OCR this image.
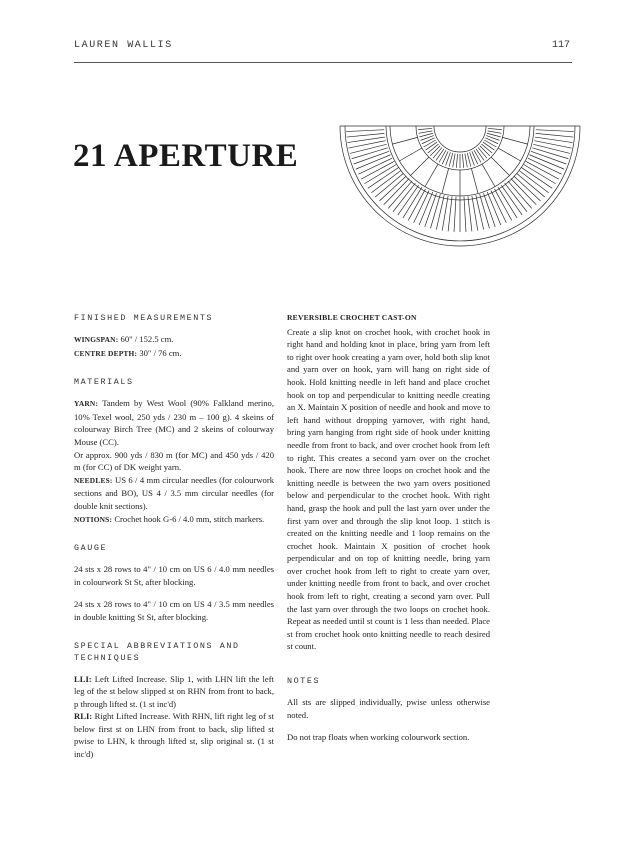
LAUREN WALLIS	117
21 APERTURE
FINISHED MEASUREMENTS

WINGSPAN: 60" / 152.5 cm.

CENTRE DEPTH: 30" / 76 cm.

MATERIALS

YARN: Tandem by West Wool (90% Falkland merino, 10% Texel wool, 250 yds / 230 m – 100 g). 4 skeins of colourway Birch Tree (MC) and 2 skeins of colourway Mouse (CC).

Or approx. 900 yds / 830 m (for MC) and 450 yds / 420 m (for CC) of DK weight yarn.

NEEDLES: US 6 / 4 mm circular needles (for colourwork sections and BO), US 4 / 3.5 mm circular needles (for double knit sections).

NOTIONS: Crochet hook G-6 / 4.0 mm, stitch markers.

GAUGE

24 sts x 28 rows to 4" / 10 cm on US 6 / 4.0 mm needles in colourwork St St, after blocking.

24 sts x 28 rows to 4" / 10 cm on US 4 / 3.5 mm needles in double knitting St St, after blocking.

SPECIAL ABBREVIATIONS AND TECHNIQUES

LLI: Left Lifted Increase. Slip 1, with LHN lift the left leg of the st below slipped st on RHN from front to back, p through lifted st. (1 st inc'd)

RLI: Right Lifted Increase. With RHN, lift right leg of st below first st on LHN from front to back, slip lifted st pwise to LHN, k through lifted st, slip original st. (1 st inc'd)

REVERSIBLE CROCHET CAST-ON

Create a slip knot on crochet hook, with crochet hook in right hand and holding knot in place, bring yarn from left to right over hook creating a yarn over, hold both slip knot and yarn over on hook, yarn will hang on right side of hook. Hold knitting needle in left hand and place crochet hook on top and perpendicular to knitting needle creating an X. Maintain X position of needle and hook and move to left hand without dropping yarnover, with right hand, bring yarn hanging from right side of hook under knitting needle from front to back, and over crochet hook from left to right. This creates a second yarn over on the crochet hook. There are now three loops on crochet hook and the knitting needle is between the two yarn overs positioned below and perpendicular to the crochet hook. With right hand, grasp the hook and pull the last yarn over under the first yarn over and through the slip knot loop. 1 stitch is created on the knitting needle and 1 loop remains on the crochet hook. Maintain X position of crochet hook perpendicular and on top of knitting needle, bring yarn over crochet hook from left to right to create yarn over, under knitting needle from front to back, and over crochet hook from left to right, creating a second yarn over. Pull the last yarn over through the two loops on crochet hook. Repeat as needed until st count is 1 less than needed. Place st from crochet hook onto knitting needle to reach desired st count.

NOTES

All sts are slipped individually, pwise unless otherwise noted.

Do not trap floats when working colourwork section.
